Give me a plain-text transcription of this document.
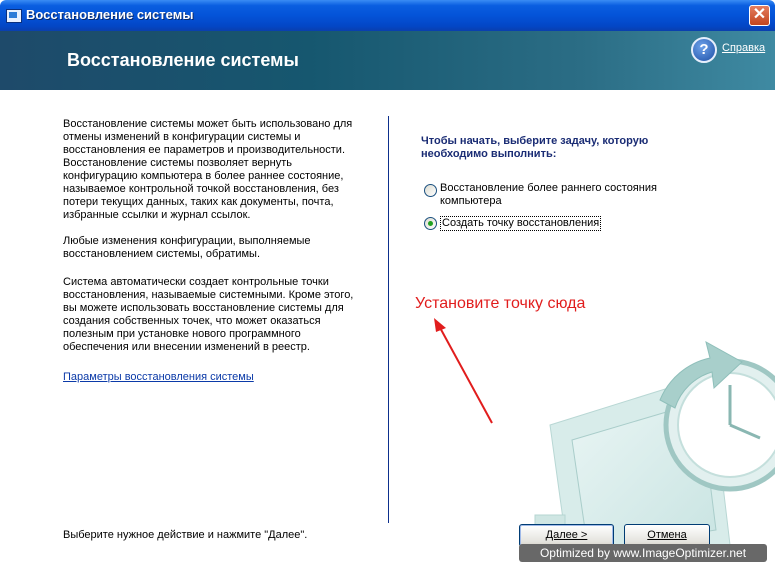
Восстановление системы	✕
Восстановление системы
?	Справка

Восстановление системы может быть использовано для отмены изменений в конфигурации системы и восстановления ее параметров и производительности. Восстановление системы позволяет вернуть конфигурацию компьютера в более раннее состояние, называемое контрольной точкой восстановления, без потери текущих данных, таких как документы, почта, избранные ссылки и журнал ссылок.

Любые изменения конфигурации, выполняемые восстановлением системы, обратимы.

Система автоматически создает контрольные точки восстановления, называемые системными. Кроме этого, вы можете использовать восстановление системы для создания собственных точек, что может оказаться полезным при установке нового программного обеспечения или внесении изменений в реестр.

Параметры восстановления системы
Выберите нужное действие и нажмите "Далее".

Чтобы начать, выберите задачу, которую необходимо выполнить:

Восстановление более раннего состояния компьютера
Создать точку восстановления
Установите точку сюда
Далее >	Отмена
Optimized by www.ImageOptimizer.net
